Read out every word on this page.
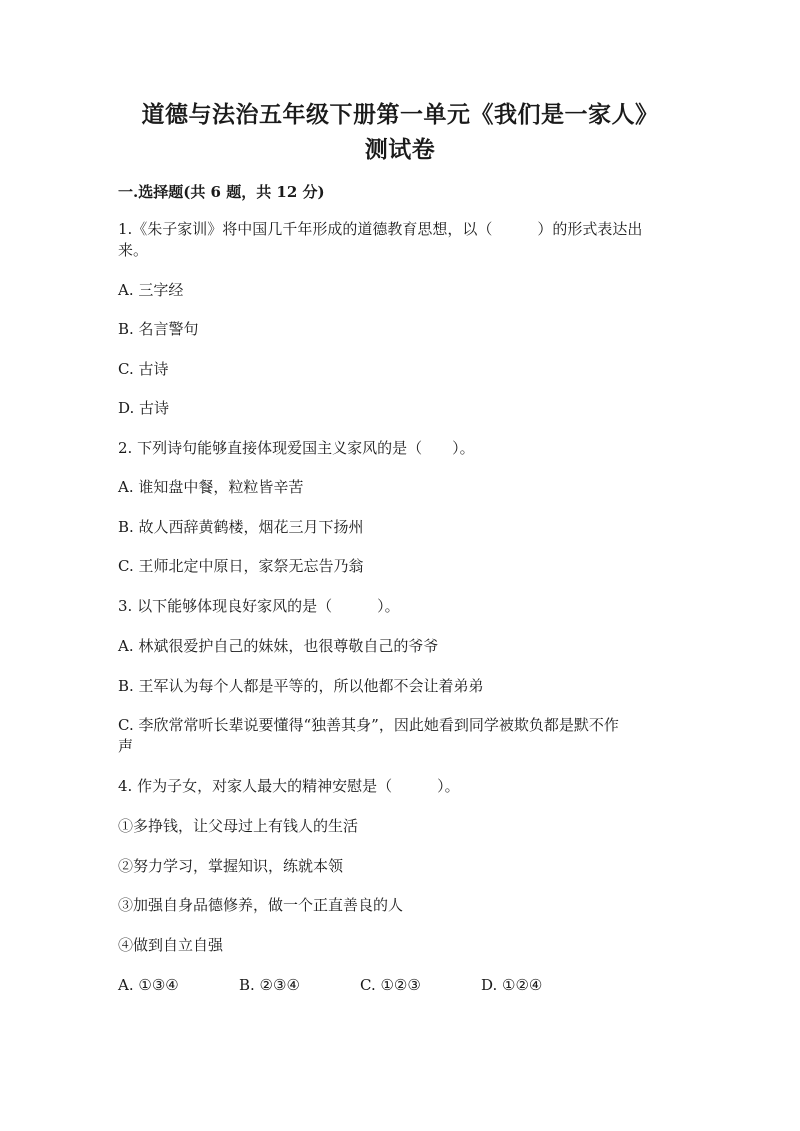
道德与法治五年级下册第一单元《我们是一家人》
测试卷
一.选择题(共 6 题，共 12 分)
1.《朱子家训》将中国几千年形成的道德教育思想，以（　　　）的形式表达出
来。
A. 三字经
B. 名言警句
C. 古诗
D. 古诗
2. 下列诗句能够直接体现爱国主义家风的是（　　）。
A. 谁知盘中餐，粒粒皆辛苦
B. 故人西辞黄鹤楼，烟花三月下扬州
C. 王师北定中原日，家祭无忘告乃翁
3. 以下能够体现良好家风的是（　　　）。
A. 林斌很爱护自己的妹妹，也很尊敬自己的爷爷
B. 王军认为每个人都是平等的，所以他都不会让着弟弟
C. 李欣常常听长辈说要懂得“独善其身”，因此她看到同学被欺负都是默不作
声
4. 作为子女，对家人最大的精神安慰是（　　　）。
①多挣钱，让父母过上有钱人的生活
②努力学习，掌握知识，练就本领
③加强自身品德修养，做一个正直善良的人
④做到自立自强
A. ①③④	B. ②③④	C. ①②③	D. ①②④
